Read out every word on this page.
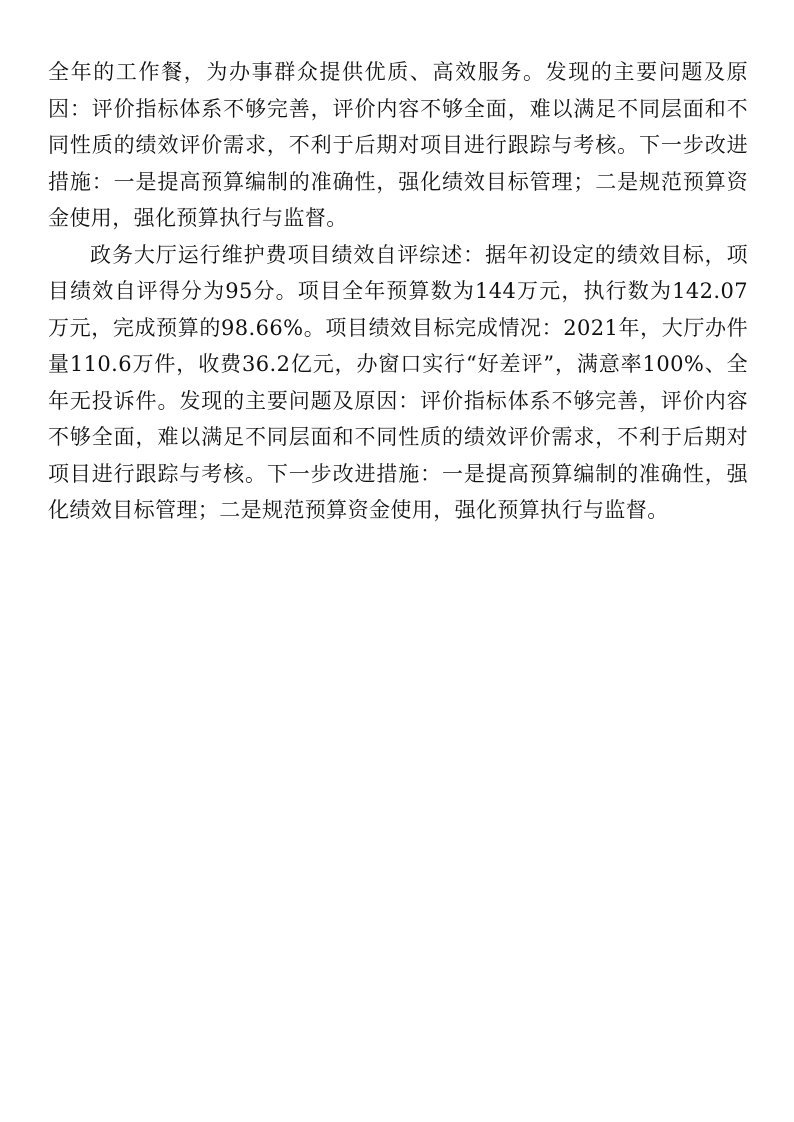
全年的工作餐，为办事群众提供优质、高效服务。发现的主要问题及原因：评价指标体系不够完善，评价内容不够全面，难以满足不同层面和不同性质的绩效评价需求，不利于后期对项目进行跟踪与考核。下一步改进措施：一是提高预算编制的准确性，强化绩效目标管理；二是规范预算资金使用，强化预算执行与监督。

政务大厅运行维护费项目绩效自评综述：据年初设定的绩效目标，项目绩效自评得分为95分。项目全年预算数为144万元，执行数为142.07万元，完成预算的98.66%。项目绩效目标完成情况：2021年，大厅办件量110.6万件，收费36.2亿元，办窗口实行“好差评”，满意率100%、全年无投诉件。发现的主要问题及原因：评价指标体系不够完善，评价内容不够全面，难以满足不同层面和不同性质的绩效评价需求，不利于后期对项目进行跟踪与考核。下一步改进措施：一是提高预算编制的准确性，强化绩效目标管理；二是规范预算资金使用，强化预算执行与监督。
